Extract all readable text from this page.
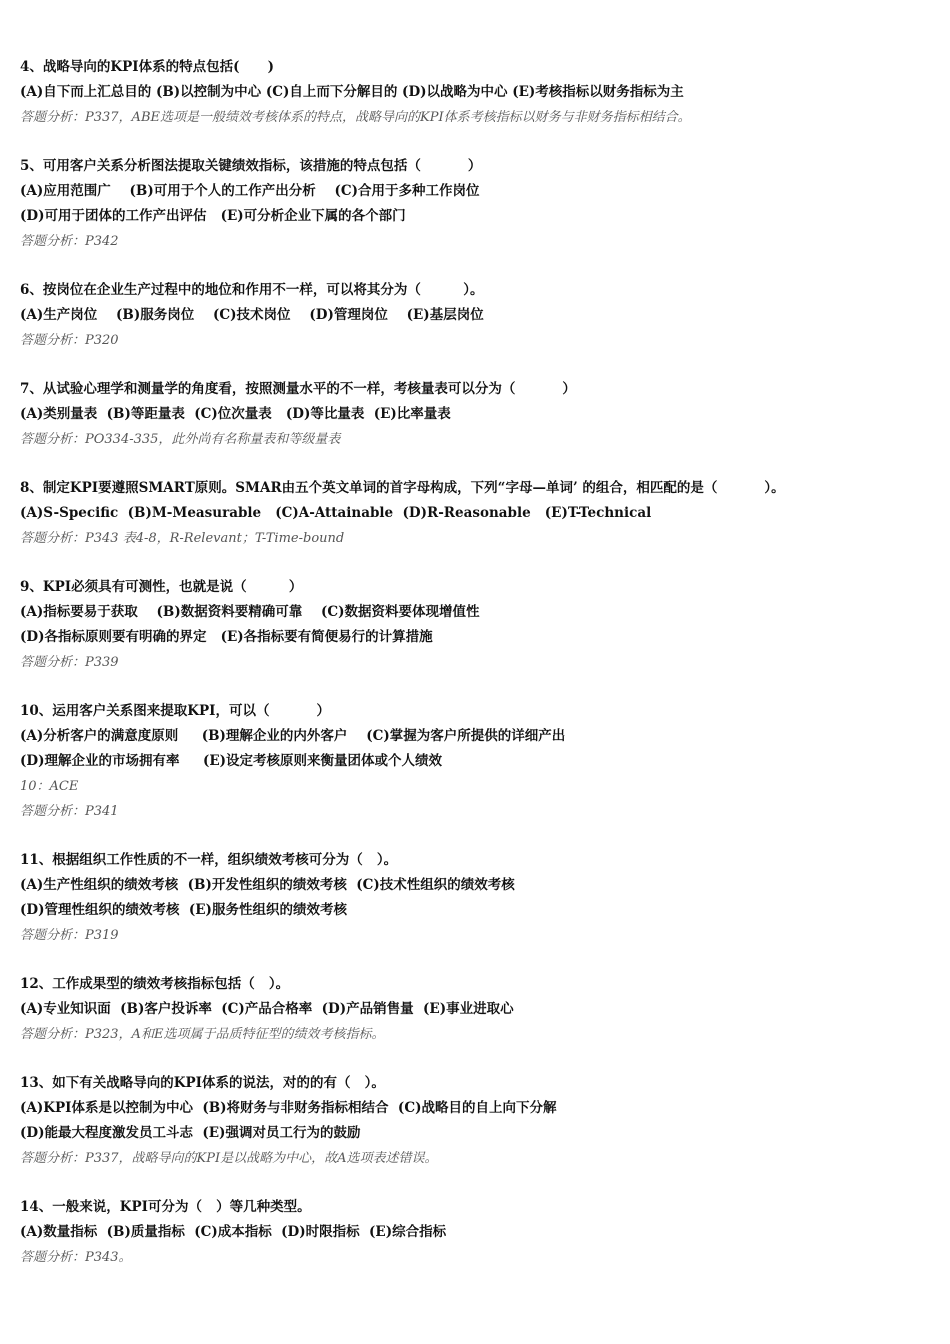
4、战略导向的KPI体系的特点包括(      )
(A)自下而上汇总目的 (B)以控制为中心 (C)自上而下分解目的 (D)以战略为中心 (E)考核指标以财务指标为主
答题分析：P337，ABE选项是一般绩效考核体系的特点，战略导向的KPI体系考核指标以财务与非财务指标相结合。
5、可用客户关系分析图法提取关键绩效指标，该措施的特点包括（          ）
(A)应用范围广    (B)可用于个人的工作产出分析    (C)合用于多种工作岗位
(D)可用于团体的工作产出评估   (E)可分析企业下属的各个部门
答题分析：P342
6、按岗位在企业生产过程中的地位和作用不一样，可以将其分为（         ）。
(A)生产岗位    (B)服务岗位    (C)技术岗位    (D)管理岗位    (E)基层岗位
答题分析：P320
7、从试验心理学和测量学的角度看，按照测量水平的不一样，考核量表可以分为（          ）
(A)类别量表  (B)等距量表  (C)位次量表   (D)等比量表  (E)比率量表
答题分析：PO334-335，此外尚有名称量表和等级量表
8、制定KPI要遵照SMART原则。SMAR由五个英文单词的首字母构成，下列“字母—单词’ 的组合，相匹配的是（          ）。
(A)S-Specific  (B)M-Measurable   (C)A-Attainable  (D)R-Reasonable   (E)T-Technical
答题分析：P343 表4-8，R-Relevant；T-Time-bound
9、KPI必须具有可测性，也就是说（         ）
(A)指标要易于获取    (B)数据资料要精确可靠    (C)数据资料要体现增值性
(D)各指标原则要有明确的界定   (E)各指标要有简便易行的计算措施
答题分析：P339
10、运用客户关系图来提取KPI，可以（          ）
(A)分析客户的满意度原则     (B)理解企业的内外客户    (C)掌握为客户所提供的详细产出
(D)理解企业的市场拥有率     (E)设定考核原则来衡量团体或个人绩效
10：ACE
答题分析：P341
11、根据组织工作性质的不一样，组织绩效考核可分为（   ）。
(A)生产性组织的绩效考核  (B)开发性组织的绩效考核  (C)技术性组织的绩效考核
(D)管理性组织的绩效考核  (E)服务性组织的绩效考核
答题分析：P319
12、工作成果型的绩效考核指标包括（   ）。
(A)专业知识面  (B)客户投诉率  (C)产品合格率  (D)产品销售量  (E)事业进取心
答题分析：P323，A和E选项属于品质特征型的绩效考核指标。
13、如下有关战略导向的KPI体系的说法，对的的有（   ）。
(A)KPI体系是以控制为中心  (B)将财务与非财务指标相结合  (C)战略目的自上向下分解
(D)能最大程度激发员工斗志  (E)强调对员工行为的鼓励
答题分析：P337，战略导向的KPI是以战略为中心，故A选项表述错误。
14、一般来说，KPI可分为（   ）等几种类型。
(A)数量指标  (B)质量指标  (C)成本指标  (D)时限指标  (E)综合指标
答题分析：P343。
